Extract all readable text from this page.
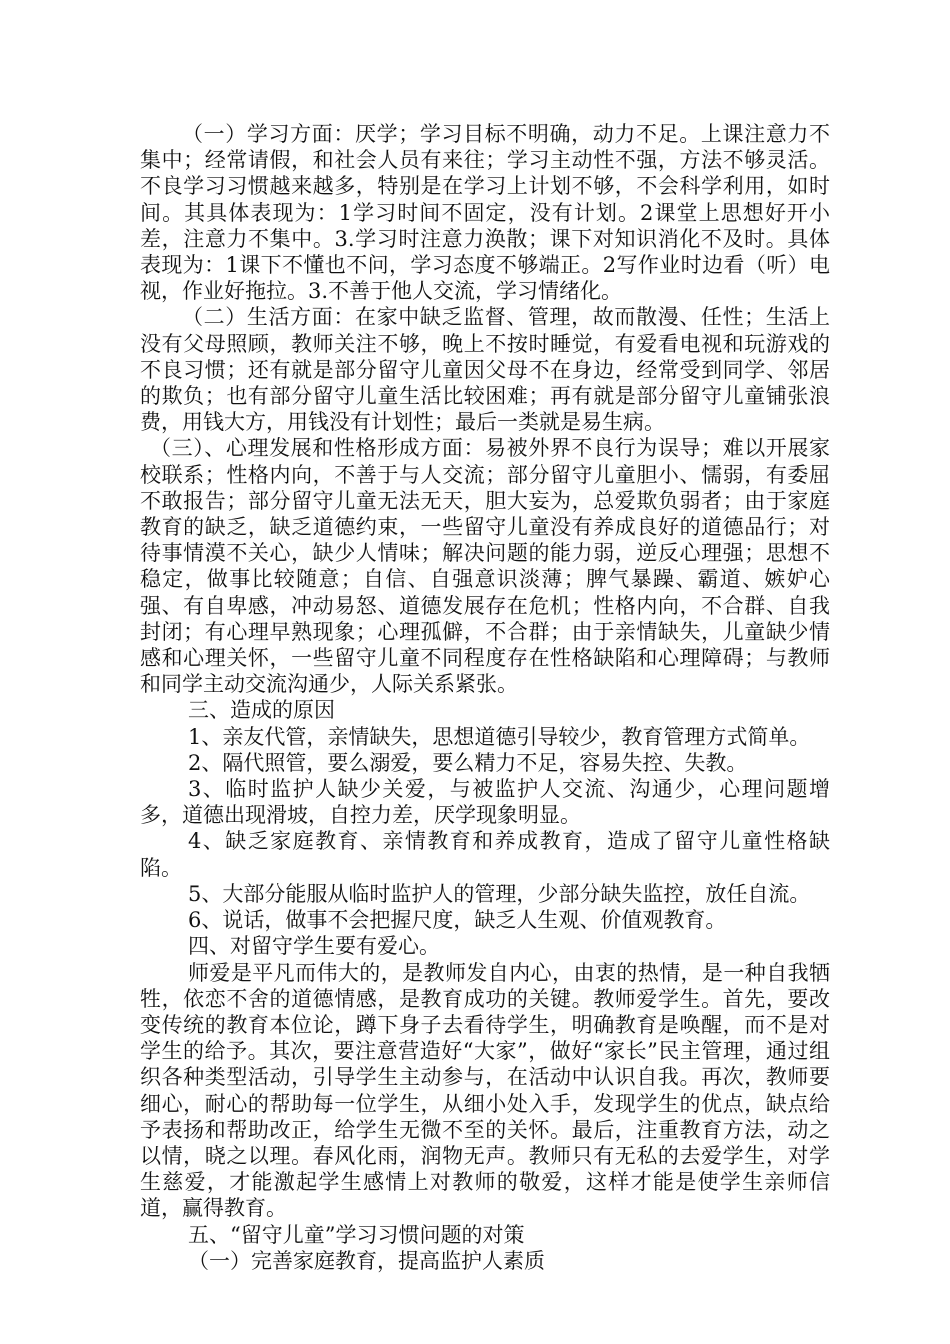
（一）学习方面：厌学；学习目标不明确，动力不足。上课注意力不集中；经常请假，和社会人员有来往；学习主动性不强，方法不够灵活。不良学习习惯越来越多，特别是在学习上计划不够，不会科学利用，如时间。其具体表现为：1学习时间不固定，没有计划。2课堂上思想好开小差，注意力不集中。3.学习时注意力涣散；课下对知识消化不及时。具体表现为：1课下不懂也不问，学习态度不够端正。2写作业时边看（听）电视，作业好拖拉。3.不善于他人交流，学习情绪化。

（二）生活方面：在家中缺乏监督、管理，故而散漫、任性；生活上没有父母照顾，教师关注不够，晚上不按时睡觉，有爱看电视和玩游戏的不良习惯；还有就是部分留守儿童因父母不在身边，经常受到同学、邻居的欺负；也有部分留守儿童生活比较困难；再有就是部分留守儿童铺张浪费，用钱大方，用钱没有计划性；最后一类就是易生病。

（三）、心理发展和性格形成方面：易被外界不良行为误导；难以开展家校联系；性格内向，不善于与人交流；部分留守儿童胆小、懦弱，有委屈不敢报告；部分留守儿童无法无天，胆大妄为，总爱欺负弱者；由于家庭教育的缺乏，缺乏道德约束，一些留守儿童没有养成良好的道德品行；对待事情漠不关心，缺少人情味；解决问题的能力弱，逆反心理强；思想不稳定，做事比较随意；自信、自强意识淡薄；脾气暴躁、霸道、嫉妒心强、有自卑感，冲动易怒、道德发展存在危机；性格内向，不合群、自我封闭；有心理早熟现象；心理孤僻，不合群；由于亲情缺失，儿童缺少情感和心理关怀，一些留守儿童不同程度存在性格缺陷和心理障碍；与教师和同学主动交流沟通少，人际关系紧张。

三、造成的原因

1、亲友代管，亲情缺失，思想道德引导较少，教育管理方式简单。

2、隔代照管，要么溺爱，要么精力不足，容易失控、失教。

3、临时监护人缺少关爱，与被监护人交流、沟通少，心理问题增多，道德出现滑坡，自控力差，厌学现象明显。

4、缺乏家庭教育、亲情教育和养成教育，造成了留守儿童性格缺陷。

5、大部分能服从临时监护人的管理，少部分缺失监控，放任自流。

6、说话，做事不会把握尺度，缺乏人生观、价值观教育。

四、对留守学生要有爱心。

师爱是平凡而伟大的，是教师发自内心，由衷的热情，是一种自我牺牲，依恋不舍的道德情感，是教育成功的关键。教师爱学生。首先，要改变传统的教育本位论，蹲下身子去看待学生，明确教育是唤醒，而不是对学生的给予。其次，要注意营造好“大家”，做好“家长”民主管理，通过组织各种类型活动，引导学生主动参与，在活动中认识自我。再次，教师要细心，耐心的帮助每一位学生，从细小处入手，发现学生的优点，缺点给予表扬和帮助改正，给学生无微不至的关怀。最后，注重教育方法，动之以情，晓之以理。春风化雨，润物无声。教师只有无私的去爱学生，对学生慈爱，才能激起学生感情上对教师的敬爱，这样才能是使学生亲师信道，赢得教育。

五、“留守儿童”学习习惯问题的对策

（一）完善家庭教育，提高监护人素质
